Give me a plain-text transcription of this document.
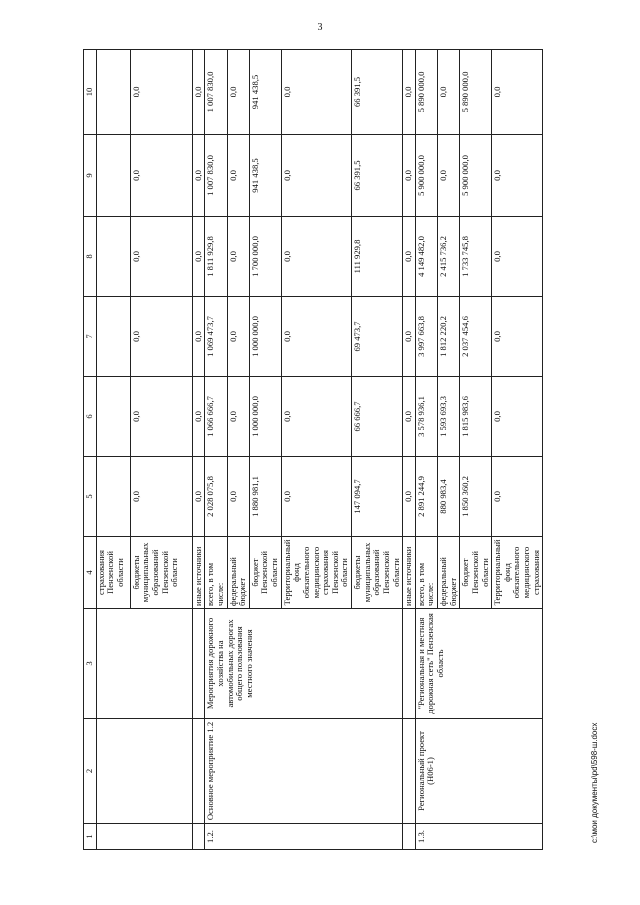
3
1	2	3	4	5	6	7	8	9	10
			страхования Пензенской области						
			бюджеты муниципальных образований Пензенской области	0,0	0,0	0,0	0,0	0,0	0,0
			иные источники	0,0	0,0	0,0	0,0	0,0	0,0
1.2.	Основное мероприятие 1.2	Мероприятия дорожного хозяйства на автомобильных дорогах общего пользования местного значения	всего, в том числе:	2 028 075,8	1 066 666,7	1 069 473,7	1 811 929,8	1 007 830,0	1 007 830,0
			федеральный бюджет	0,0	0,0	0,0	0,0	0,0	0,0
			бюджет Пензенской области	1 880 981,1	1 000 000,0	1 000 000,0	1 700 000,0	941 438,5	941 438,5
			Территориальный фонд обязательного медицинского страхования Пензенской области	0,0	0,0	0,0	0,0	0,0	0,0
			бюджеты муниципальных образований Пензенской области	147 094,7	66 666,7	69 473,7	111 929,8	66 391,5	66 391,5
			иные источники	0,0	0,0	0,0	0,0	0,0	0,0
1.3.	Региональный проект (Н06-1)	"Региональная и местная дорожная сеть" Пензенская область	всего, в том числе:	2 891 244,9	3 578 936,1	3 997 663,8	4 149 482,0	5 900 000,0	5 890 000,0
			федеральный бюджет	880 983,4	1 593 693,3	1 812 220,2	2 415 736,2	0,0	0,0
			бюджет Пензенской области	1 850 360,2	1 815 983,6	2 037 454,6	1 733 745,8	5 900 000,0	5 890 000,0
			Территориальный фонд обязательного медицинского страхования	0,0	0,0	0,0	0,0	0,0	0,0
c:\мои документы\pd\598-ш.docx
